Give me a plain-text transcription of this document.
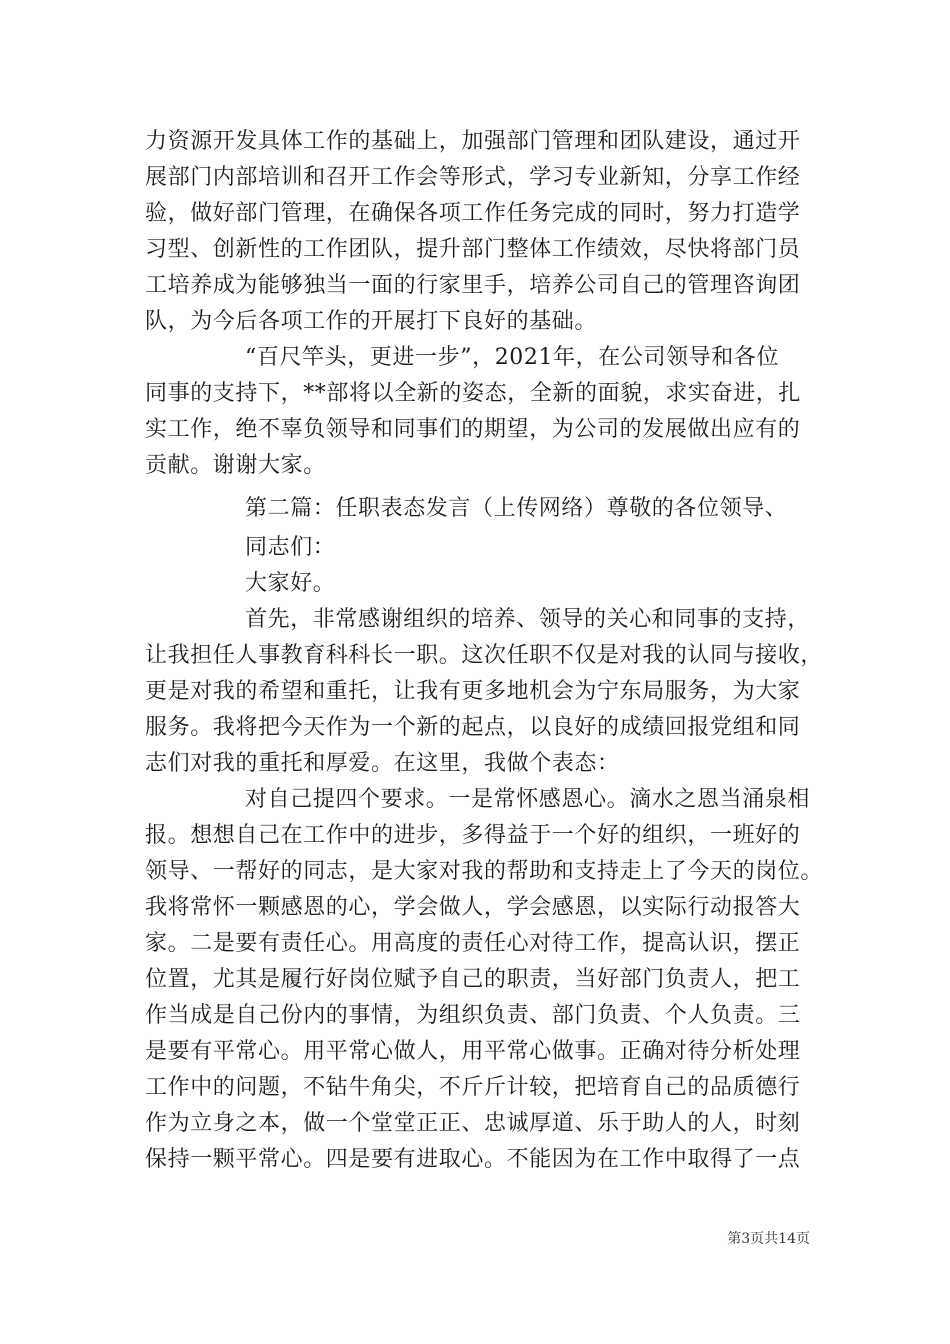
力资源开发具体工作的基础上，加强部门管理和团队建设，通过开
展部门内部培训和召开工作会等形式，学习专业新知，分享工作经
验，做好部门管理，在确保各项工作任务完成的同时，努力打造学
习型、创新性的工作团队，提升部门整体工作绩效，尽快将部门员
工培养成为能够独当一面的行家里手，培养公司自己的管理咨询团
队，为今后各项工作的开展打下良好的基础。
“百尺竿头，更进一步”，2021年，在公司领导和各位
同事的支持下，**部将以全新的姿态，全新的面貌，求实奋进，扎
实工作，绝不辜负领导和同事们的期望，为公司的发展做出应有的
贡献。谢谢大家。
第二篇：任职表态发言（上传网络）尊敬的各位领导、
同志们：
大家好。
首先，非常感谢组织的培养、领导的关心和同事的支持，
让我担任人事教育科科长一职。这次任职不仅是对我的认同与接收，
更是对我的希望和重托，让我有更多地机会为宁东局服务，为大家
服务。我将把今天作为一个新的起点，以良好的成绩回报党组和同
志们对我的重托和厚爱。在这里，我做个表态：
对自己提四个要求。一是常怀感恩心。滴水之恩当涌泉相
报。想想自己在工作中的进步，多得益于一个好的组织，一班好的
领导、一帮好的同志，是大家对我的帮助和支持走上了今天的岗位。
我将常怀一颗感恩的心，学会做人，学会感恩，以实际行动报答大
家。二是要有责任心。用高度的责任心对待工作，提高认识，摆正
位置，尤其是履行好岗位赋予自己的职责，当好部门负责人，把工
作当成是自己份内的事情，为组织负责、部门负责、个人负责。三
是要有平常心。用平常心做人，用平常心做事。正确对待分析处理
工作中的问题，不钻牛角尖，不斤斤计较，把培育自己的品质德行
作为立身之本，做一个堂堂正正、忠诚厚道、乐于助人的人，时刻
保持一颗平常心。四是要有进取心。不能因为在工作中取得了一点
第3页共14页
